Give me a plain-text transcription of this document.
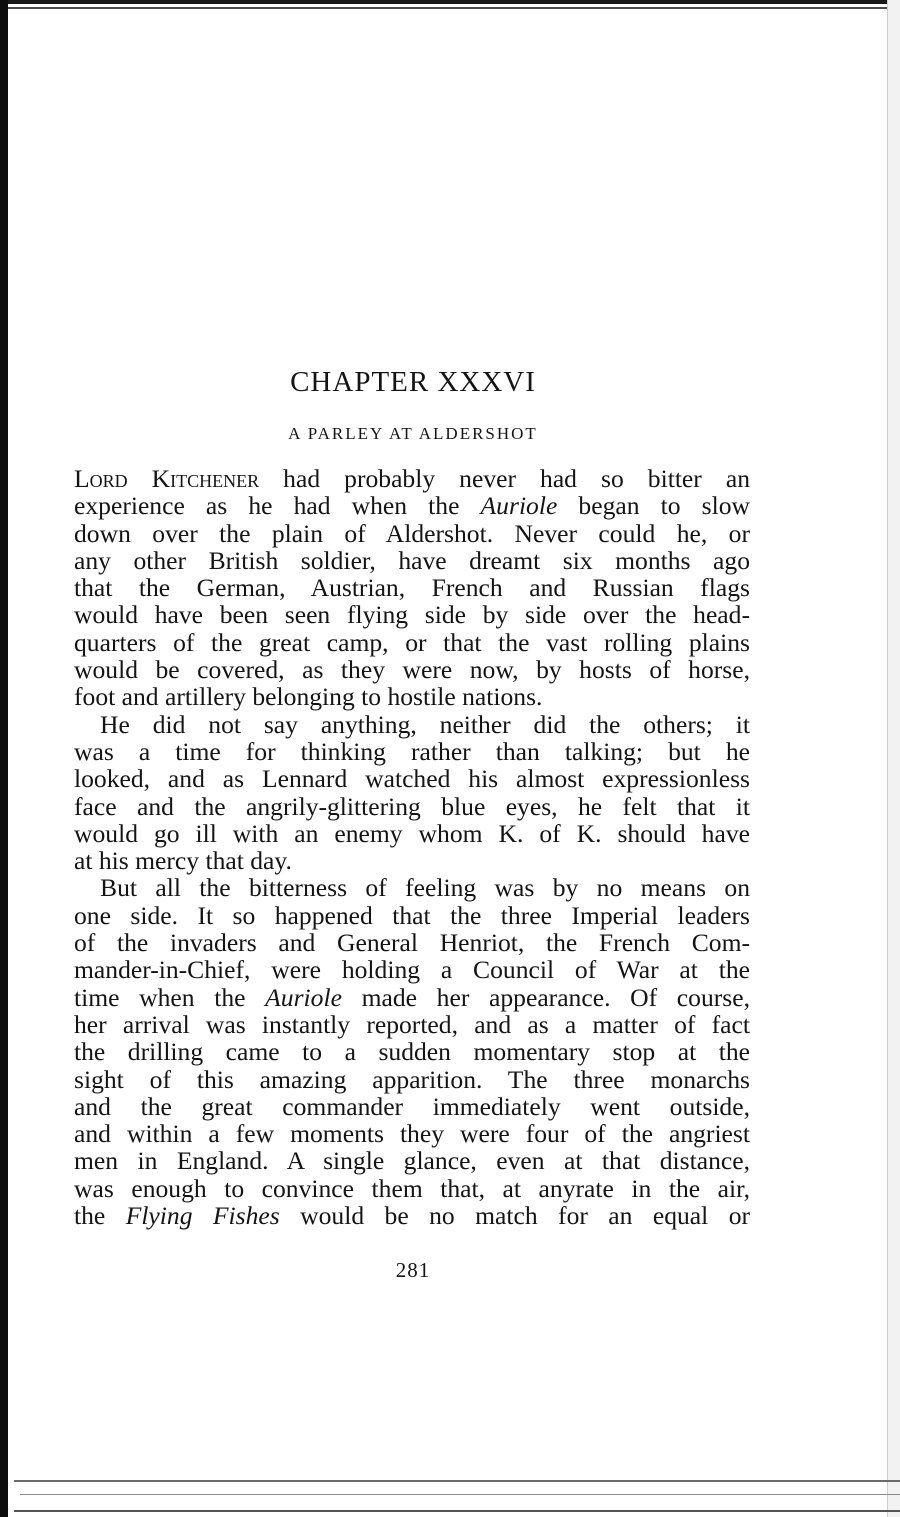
CHAPTER XXXVI
A PARLEY AT ALDERSHOT
Lord Kitchener had probably never had so bitter an
experience as he had when the Auriole began to slow
down over the plain of Aldershot. Never could he, or
any other British soldier, have dreamt six months ago
that the German, Austrian, French and Russian flags
would have been seen flying side by side over the head-
quarters of the great camp, or that the vast rolling plains
would be covered, as they were now, by hosts of horse,
foot and artillery belonging to hostile nations.
He did not say anything, neither did the others; it
was a time for thinking rather than talking; but he
looked, and as Lennard watched his almost expressionless
face and the angrily-glittering blue eyes, he felt that it
would go ill with an enemy whom K. of K. should have
at his mercy that day.
But all the bitterness of feeling was by no means on
one side. It so happened that the three Imperial leaders
of the invaders and General Henriot, the French Com-
mander-in-Chief, were holding a Council of War at the
time when the Auriole made her appearance. Of course,
her arrival was instantly reported, and as a matter of fact
the drilling came to a sudden momentary stop at the
sight of this amazing apparition. The three monarchs
and the great commander immediately went outside,
and within a few moments they were four of the angriest
men in England. A single glance, even at that distance,
was enough to convince them that, at anyrate in the air,
the Flying Fishes would be no match for an equal or
281
